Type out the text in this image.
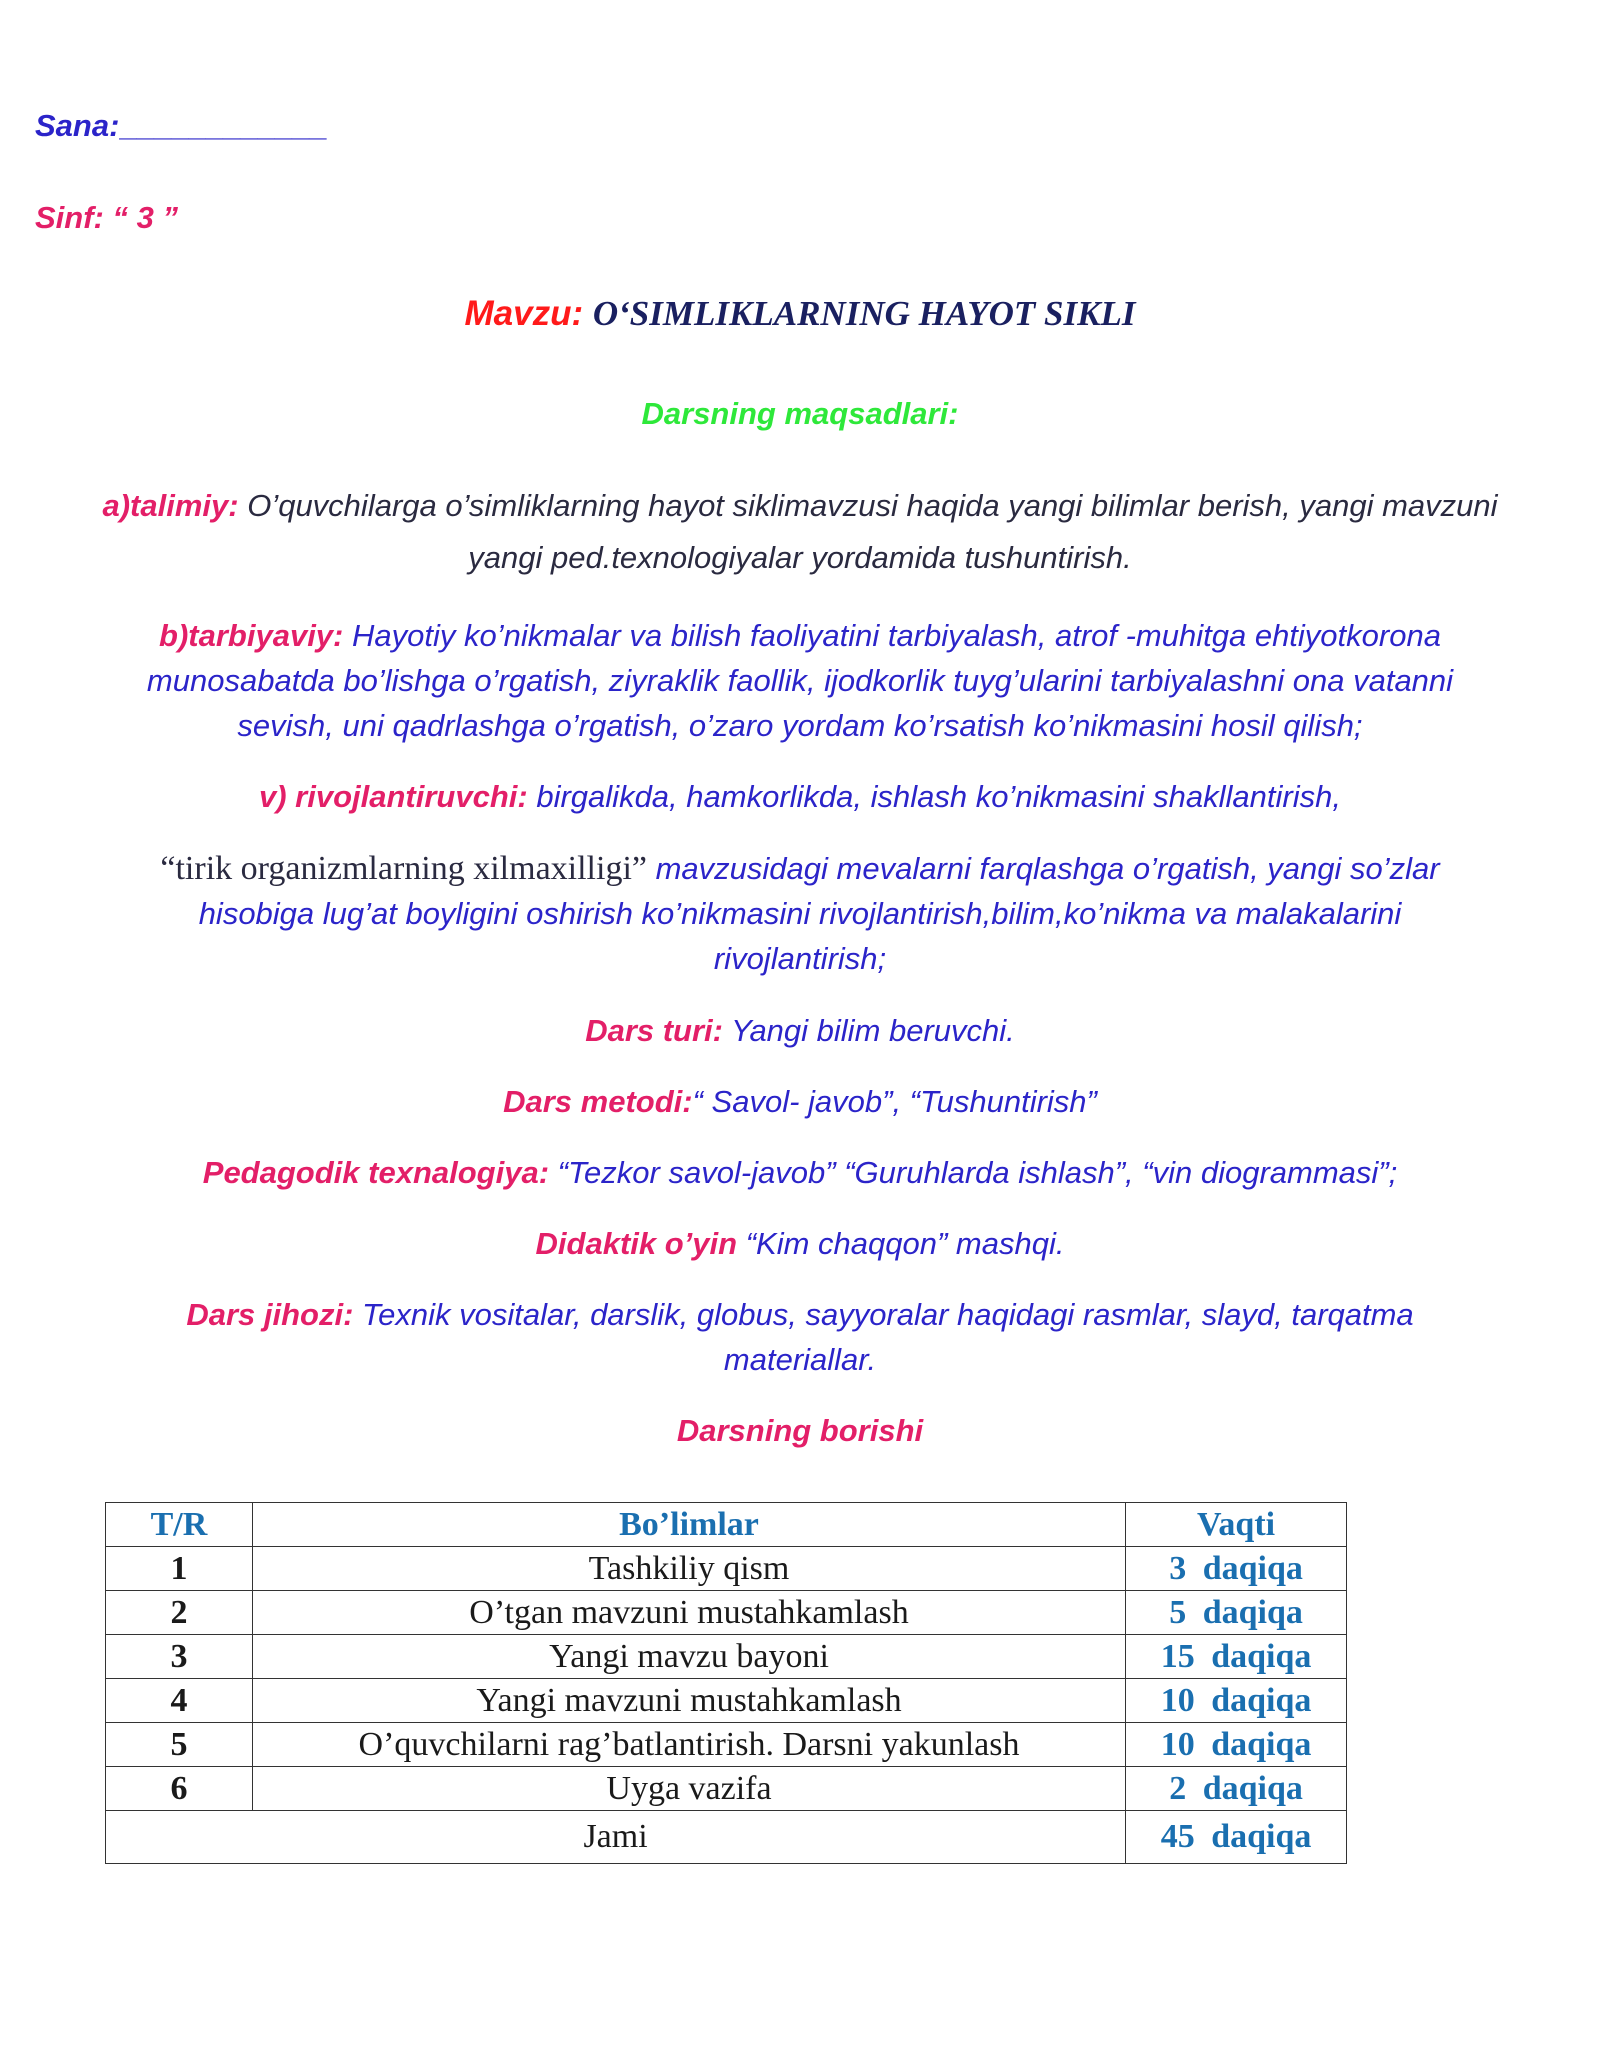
Sana:____________
Sinf: “ 3 ”
Mavzu: O‘SIMLIKLARNING HAYOT SIKLI
Darsning maqsadlari:
a)talimiy: O’quvchilarga o’simliklarning hayot siklimavzusi haqida yangi bilimlar berish, yangi mavzuni
yangi ped.texnologiyalar yordamida tushuntirish.
b)tarbiyaviy: Hayotiy ko’nikmalar va bilish faoliyatini tarbiyalash, atrof -muhitga ehtiyotkorona
munosabatda bo’lishga o’rgatish, ziyraklik faollik, ijodkorlik tuyg’ularini tarbiyalashni ona vatanni
sevish, uni qadrlashga o’rgatish, o’zaro yordam ko’rsatish ko’nikmasini hosil qilish;
v) rivojlantiruvchi: birgalikda, hamkorlikda, ishlash ko’nikmasini shakllantirish,
“tirik organizmlarning xilmaxilligi” mavzusidagi mevalarni farqlashga o’rgatish, yangi so’zlar
hisobiga lug’at boyligini oshirish ko’nikmasini rivojlantirish,bilim,ko’nikma va malakalarini
rivojlantirish;
Dars turi: Yangi bilim beruvchi.
Dars metodi:“ Savol- javob”, “Tushuntirish”
Pedagodik texnalogiya: “Tezkor savol-javob” “Guruhlarda ishlash”, “vin diogrammasi”;
Didaktik o’yin “Kim chaqqon” mashqi.
Dars jihozi: Texnik vositalar, darslik, globus, sayyoralar haqidagi rasmlar, slayd, tarqatma
materiallar.
Darsning borishi
T/R	Bo’limlar	Vaqti
1	Tashkiliy qism	3 daqiqa
2	O’tgan mavzuni mustahkamlash	5 daqiqa
3	Yangi mavzu bayoni	15 daqiqa
4	Yangi mavzuni mustahkamlash	10 daqiqa
5	O’quvchilarni rag’batlantirish. Darsni yakunlash	10 daqiqa
6	Uyga vazifa	2 daqiqa
Jami		45 daqiqa
